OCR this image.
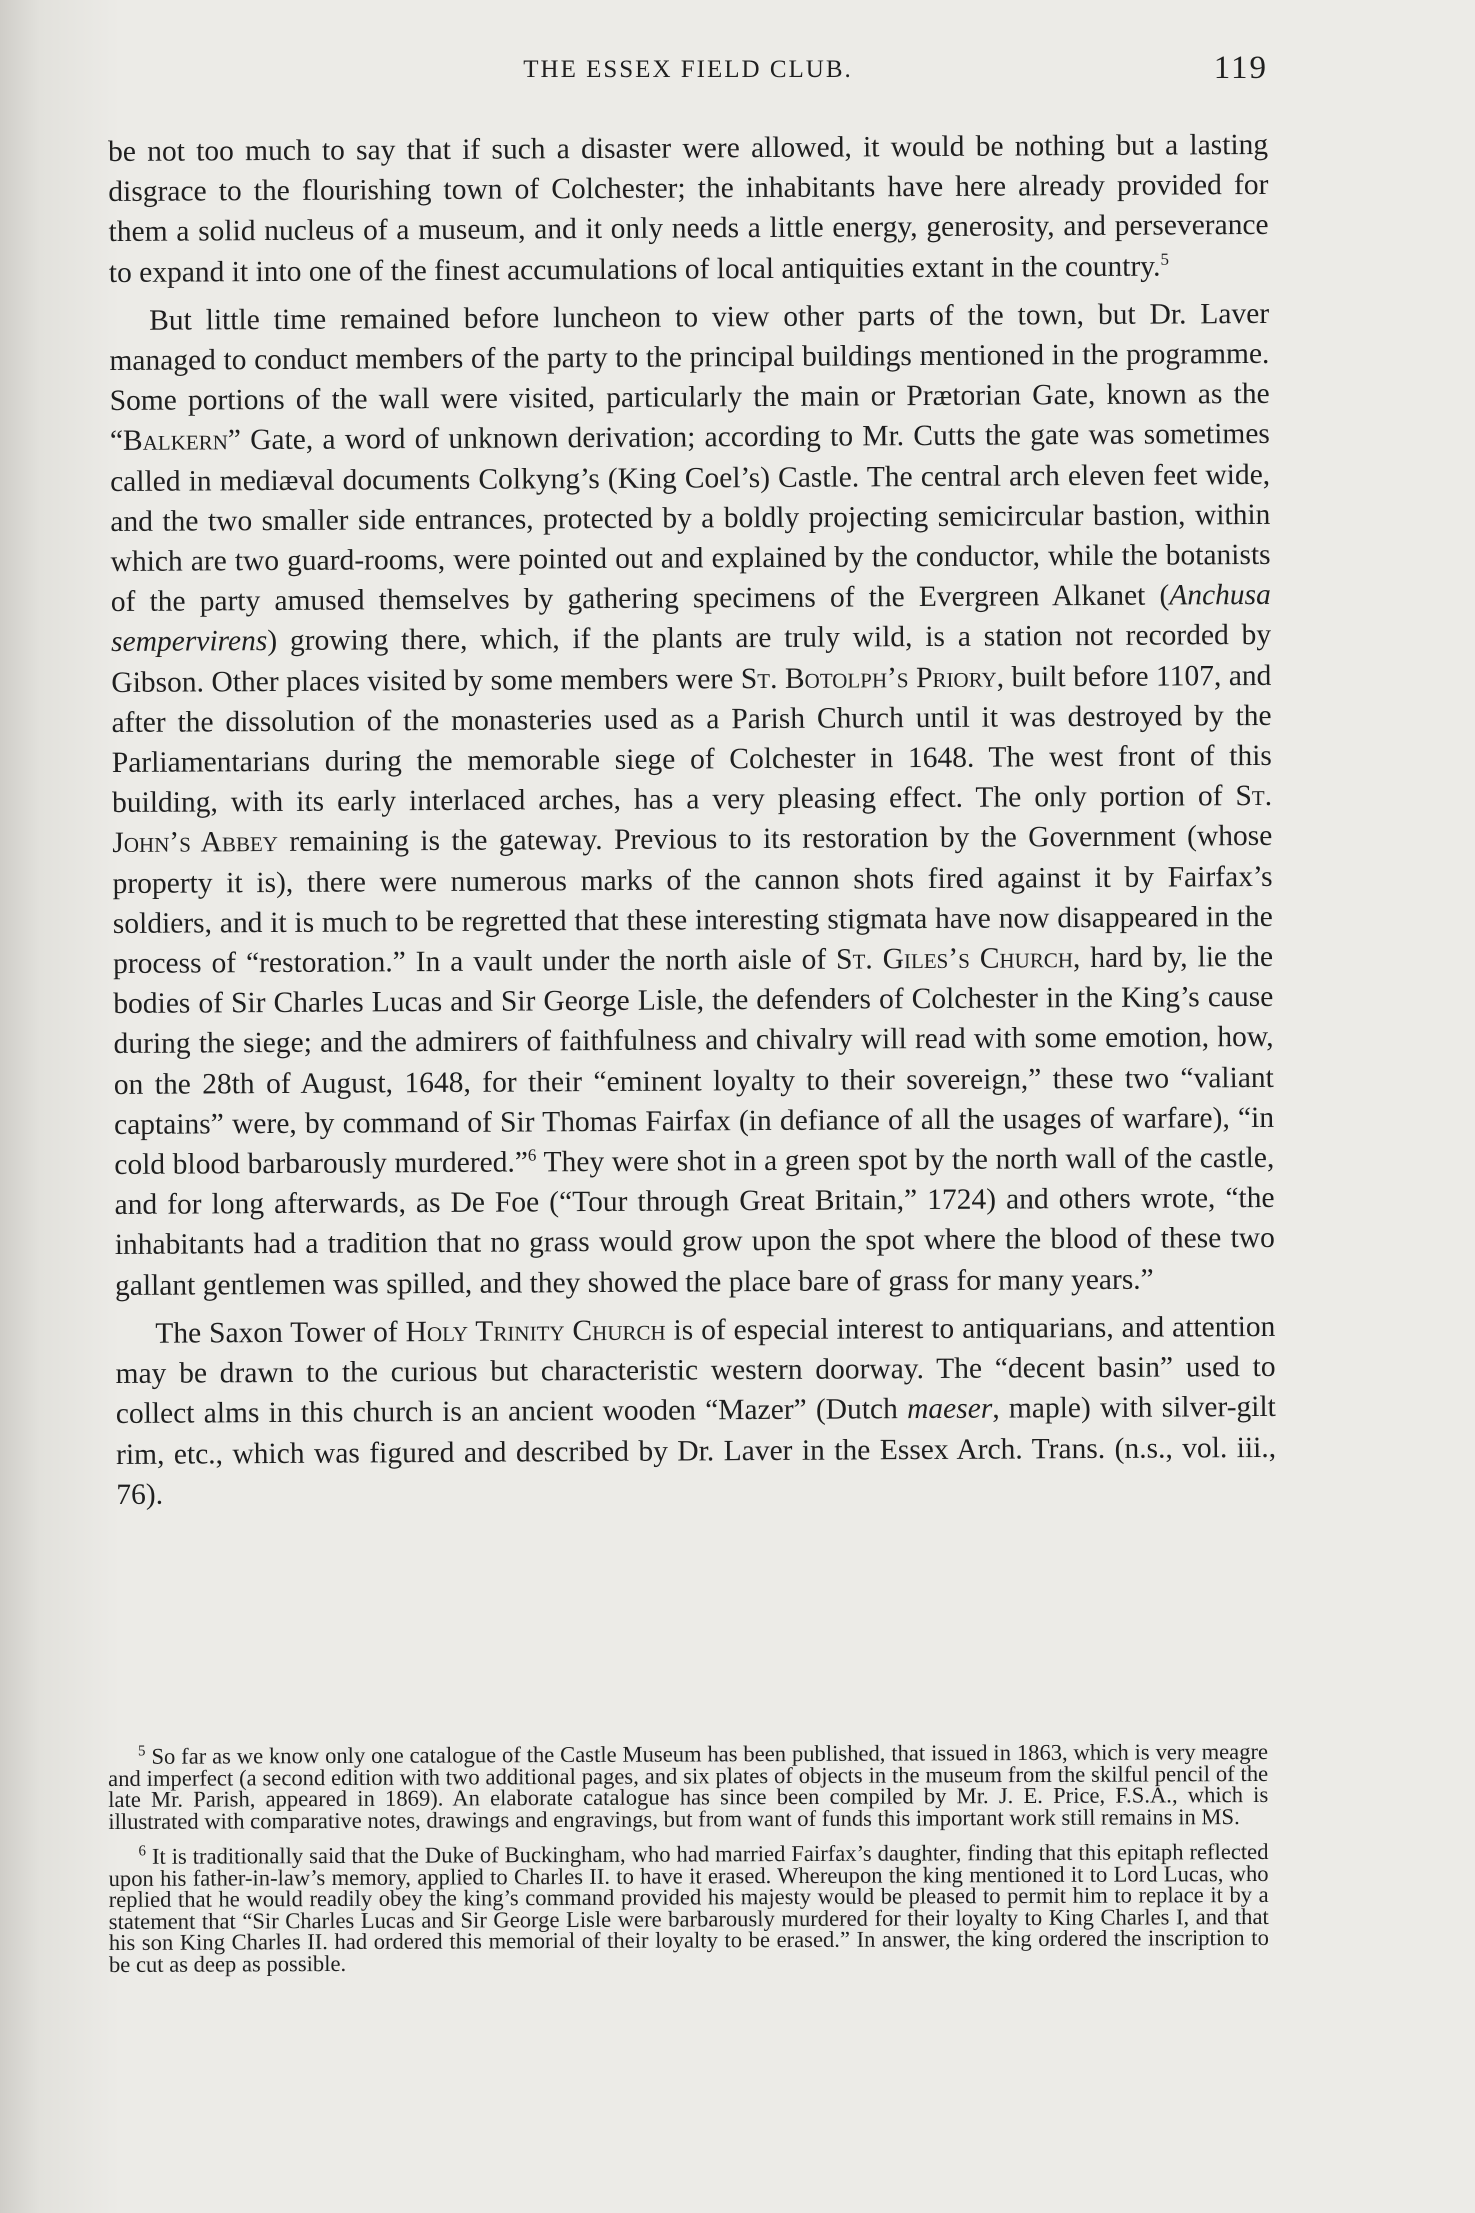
THE ESSEX FIELD CLUB.	119

be not too much to say that if such a disaster were allowed, it would be nothing but a lasting disgrace to the flourishing town of Colchester; the inhabitants have here already provided for them a solid nucleus of a museum, and it only needs a little energy, generosity, and perseverance to expand it into one of the finest accumulations of local antiquities extant in the country.$^5$

But little time remained before luncheon to view other parts of the town, but Dr. Laver managed to conduct members of the party to the principal buildings mentioned in the programme. Some portions of the wall were visited, particularly the main or Prætorian Gate, known as the “Balkern” Gate, a word of unknown derivation; according to Mr. Cutts the gate was sometimes called in mediæval documents Colkyng’s (King Coel’s) Castle. The central arch eleven feet wide, and the two smaller side entrances, protected by a boldly projecting semicircular bastion, within which are two guard-rooms, were pointed out and explained by the conductor, while the botanists of the party amused themselves by gathering specimens of the Evergreen Alkanet (Anchusa sempervirens) growing there, which, if the plants are truly wild, is a station not recorded by Gibson. Other places visited by some members were St. Botolph’s Priory, built before 1107, and after the dissolution of the monasteries used as a Parish Church until it was destroyed by the Parliamentarians during the memorable siege of Colchester in 1648. The west front of this building, with its early interlaced arches, has a very pleasing effect. The only portion of St. John’s Abbey remaining is the gateway. Previous to its restoration by the Government (whose property it is), there were numerous marks of the cannon shots fired against it by Fairfax’s soldiers, and it is much to be regretted that these interesting stigmata have now disappeared in the process of “restoration.” In a vault under the north aisle of St. Giles’s Church, hard by, lie the bodies of Sir Charles Lucas and Sir George Lisle, the defenders of Colchester in the King’s cause during the siege; and the admirers of faithfulness and chivalry will read with some emotion, how, on the 28th of August, 1648, for their “eminent loyalty to their sovereign,” these two “valiant captains” were, by command of Sir Thomas Fairfax (in defiance of all the usages of warfare), “in cold blood barbarously murdered.”$^6$ They were shot in a green spot by the north wall of the castle, and for long afterwards, as De Foe (“Tour through Great Britain,” 1724) and others wrote, “the inhabitants had a tradition that no grass would grow upon the spot where the blood of these two gallant gentlemen was spilled, and they showed the place bare of grass for many years.”

The Saxon Tower of Holy Trinity Church is of especial interest to antiquarians, and attention may be drawn to the curious but characteristic western doorway. The “decent basin” used to collect alms in this church is an ancient wooden “Mazer” (Dutch maeser, maple) with silver-gilt rim, etc., which was figured and described by Dr. Laver in the Essex Arch. Trans. (n.s., vol. iii., 76).

$^5$ So far as we know only one catalogue of the Castle Museum has been published, that issued in 1863, which is very meagre and imperfect (a second edition with two additional pages, and six plates of objects in the museum from the skilful pencil of the late Mr. Parish, appeared in 1869). An elaborate catalogue has since been compiled by Mr. J. E. Price, F.S.A., which is illustrated with comparative notes, drawings and engravings, but from want of funds this important work still remains in MS.

$^6$ It is traditionally said that the Duke of Buckingham, who had married Fairfax’s daughter, finding that this epitaph reflected upon his father-in-law’s memory, applied to Charles II. to have it erased. Whereupon the king mentioned it to Lord Lucas, who replied that he would readily obey the king’s command provided his majesty would be pleased to permit him to replace it by a statement that “Sir Charles Lucas and Sir George Lisle were barbarously murdered for their loyalty to King Charles I, and that his son King Charles II. had ordered this memorial of their loyalty to be erased.” In answer, the king ordered the inscription to be cut as deep as possible.
